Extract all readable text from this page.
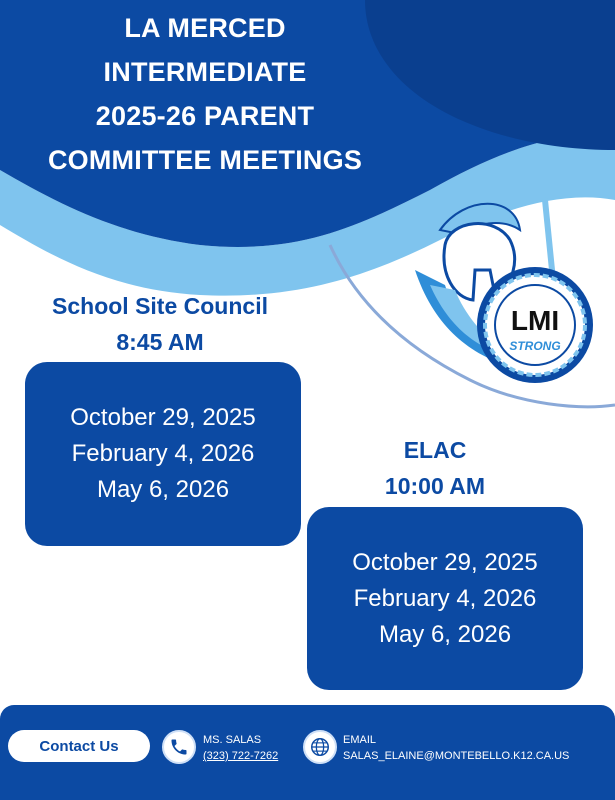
LA MERCED
INTERMEDIATE
2025-26 PARENT
COMMITTEE MEETINGS
LMI
STRONG
School Site Council
8:45 AM
October 29, 2025
February 4, 2026
May 6, 2026
ELAC
10:00 AM
October 29, 2025
February 4, 2026
May 6, 2026
Contact Us	MS. SALAS
(323) 722-7262
EMAIL
SALAS_ELAINE@MONTEBELLO.K12.CA.US
